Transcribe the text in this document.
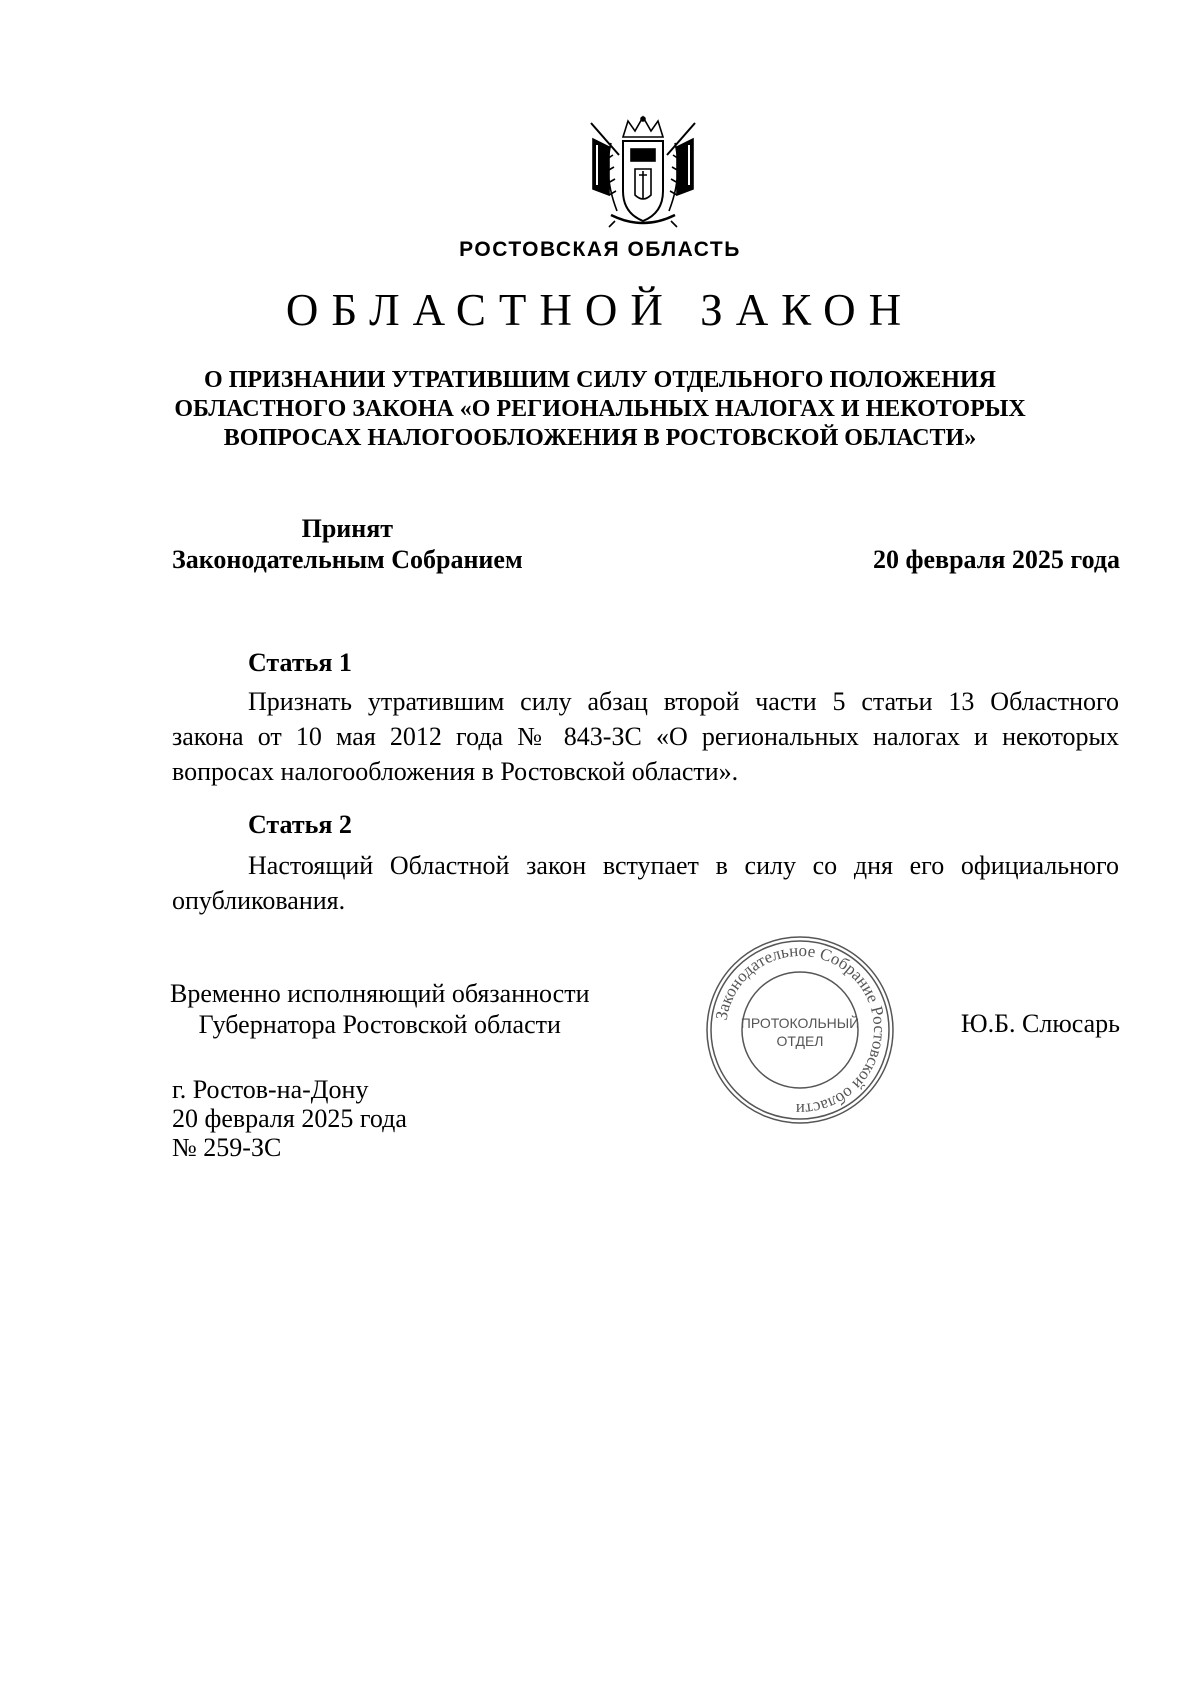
РОСТОВСКАЯ ОБЛАСТЬ
ОБЛАСТНОЙ ЗАКОН
О ПРИЗНАНИИ УТРАТИВШИМ СИЛУ ОТДЕЛЬНОГО ПОЛОЖЕНИЯ
ОБЛАСТНОГО ЗАКОНА «О РЕГИОНАЛЬНЫХ НАЛОГАХ И НЕКОТОРЫХ
ВОПРОСАХ НАЛОГООБЛОЖЕНИЯ В РОСТОВСКОЙ ОБЛАСТИ»
Принят
Законодательным Собранием	20 февраля 2025 года
Статья 1
Признать утратившим силу абзац второй части 5 статьи 13 Областного
закона от 10 мая 2012 года № 843-ЗС «О региональных налогах и некоторых
вопросах налогообложения в Ростовской области».
Статья 2
Настоящий Областной закон вступает в силу со дня его официального
опубликования.
Временно исполняющий обязанности
Губернатора Ростовской области	Ю.Б. Слюсарь
Законодательное Собрание Ростовской области
ПРОТОКОЛЬНЫЙ
ОТДЕЛ
г. Ростов-на-Дону
20 февраля 2025 года
№ 259-ЗС
